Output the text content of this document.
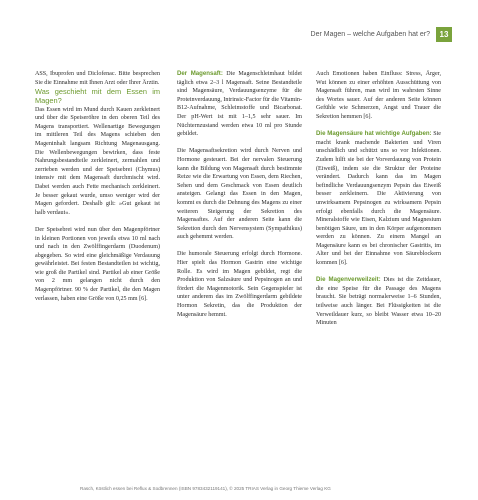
Der Magen – welche Aufgaben hat er?	13

ASS, Ibuprofen und Diclofenac. Bitte besprechen Sie die Einnahme mit Ihnen Arzt oder Ihrer Ärztin.

Was geschieht mit dem Essen im Magen?

Das Essen wird im Mund durch Kauen zerkleinert und über die Speiseröhre in den oberen Teil des Magens transportiert. Wellenartige Bewegungen im mittleren Teil des Magens schieben den Mageninhalt langsam Richtung Magenausgang. Die Wellenbewegungen bewirken, dass feste Nahrungsbestandteile zerkleinert, zermahlen und zerrieben werden und der Speisebrei (Chymus) intensiv mit dem Magensaft durchmischt wird. Dabei werden auch Fette mechanisch zerkleinert. Je besser gekaut wurde, umso weniger wird der Magen gefordert. Deshalb gilt: »Gut gekaut ist halb verdaut«.

Der Speisebrei wird nun über den Magenpförtner in kleinen Portionen von jeweils etwa 10 ml nach und nach in den Zwölffingerdarm (Duodenum) abgegeben. So wird eine gleichmäßige Verdauung gewährleistet. Bei festen Bestandteilen ist wichtig, wie groß die Partikel sind. Partikel ab einer Größe von 2 mm gelangen nicht durch den Magenpförtner. 90 % der Partikel, die den Magen verlassen, haben eine Größe von 0,25 mm [6].

Der Magensaft: Die Magenschleimhaut bildet täglich etwa 2–3 l Magensaft. Seine Bestandteile sind Magensäure, Verdauungsenzyme für die Proteinverdauung, Intrinsic-Factor für die Vitamin-B12-Aufnahme, Schleimstoffe und Bicarbonat. Der pH-Wert ist mit 1–1,5 sehr sauer. Im Nüchternzustand werden etwa 10 ml pro Stunde gebildet.

Die Magensaftsekretion wird durch Nerven und Hormone gesteuert. Bei der nervalen Steuerung kann die Bildung von Magensaft durch bestimmte Reize wie die Erwartung von Essen, dem Riechen, Sehen und dem Geschmack von Essen deutlich ansteigen. Gelangt das Essen in den Magen, kommt es durch die Dehnung des Magens zu einer weiteren Steigerung der Sekretion des Magensaftes. Auf der anderen Seite kann die Sekretion durch den Nervensystem (Sympathikus) auch gehemmt werden.

Die humorale Steuerung erfolgt durch Hormone. Hier spielt das Hormon Gastrin eine wichtige Rolle. Es wird im Magen gebildet, regt die Produktion von Salzsäure und Pepsinogen an und fördert die Magenmotorik. Sein Gegenspieler ist unter anderem das im Zwölffingerdarm gebildete Hormon Sekretin, das die Produktion der Magensäure hemmt.

Auch Emotionen haben Einfluss: Stress, Ärger, Wut können zu einer erhöhten Ausschüttung von Magensaft führen, man wird im wahrsten Sinne des Wortes sauer. Auf der anderen Seite können Gefühle wie Schmerzen, Angst und Trauer die Sekretion hemmen [6].

Die Magensäure hat wichtige Aufgaben: Sie macht krank machende Bakterien und Viren unschädlich und schützt uns so vor Infektionen. Zudem hilft sie bei der Vorverdauung von Protein (Eiweiß), indem sie die Struktur der Proteine verändert. Dadurch kann das im Magen befindliche Verdauungsenzym Pepsin das Eiweiß besser zerkleinern. Die Aktivierung von unwirksamem Pepsinogen zu wirksamem Pepsin erfolgt ebenfalls durch die Magensäure. Mineralstoffe wie Eisen, Kalzium und Magnesium benötigen Säure, um in den Körper aufgenommen werden zu können. Zu einem Mangel an Magensäure kann es bei chronischer Gastritis, im Alter und bei der Einnahme von Säureblockern kommen [6].

Die Magenverweilzeit: Dies ist die Zeitdauer, die eine Speise für die Passage des Magens braucht. Sie beträgt normalerweise 1–6 Stunden, teilweise auch länger. Bei Flüssigkeiten ist die Verweildauer kurz, so bleibt Wasser etwa 10–20 Minuten

Rasch, Köstlich essen bei Reflux & Sodbrennen (ISBN 9783432119141), © 2025 TRIAS Verlag in Georg Thieme Verlag KG
